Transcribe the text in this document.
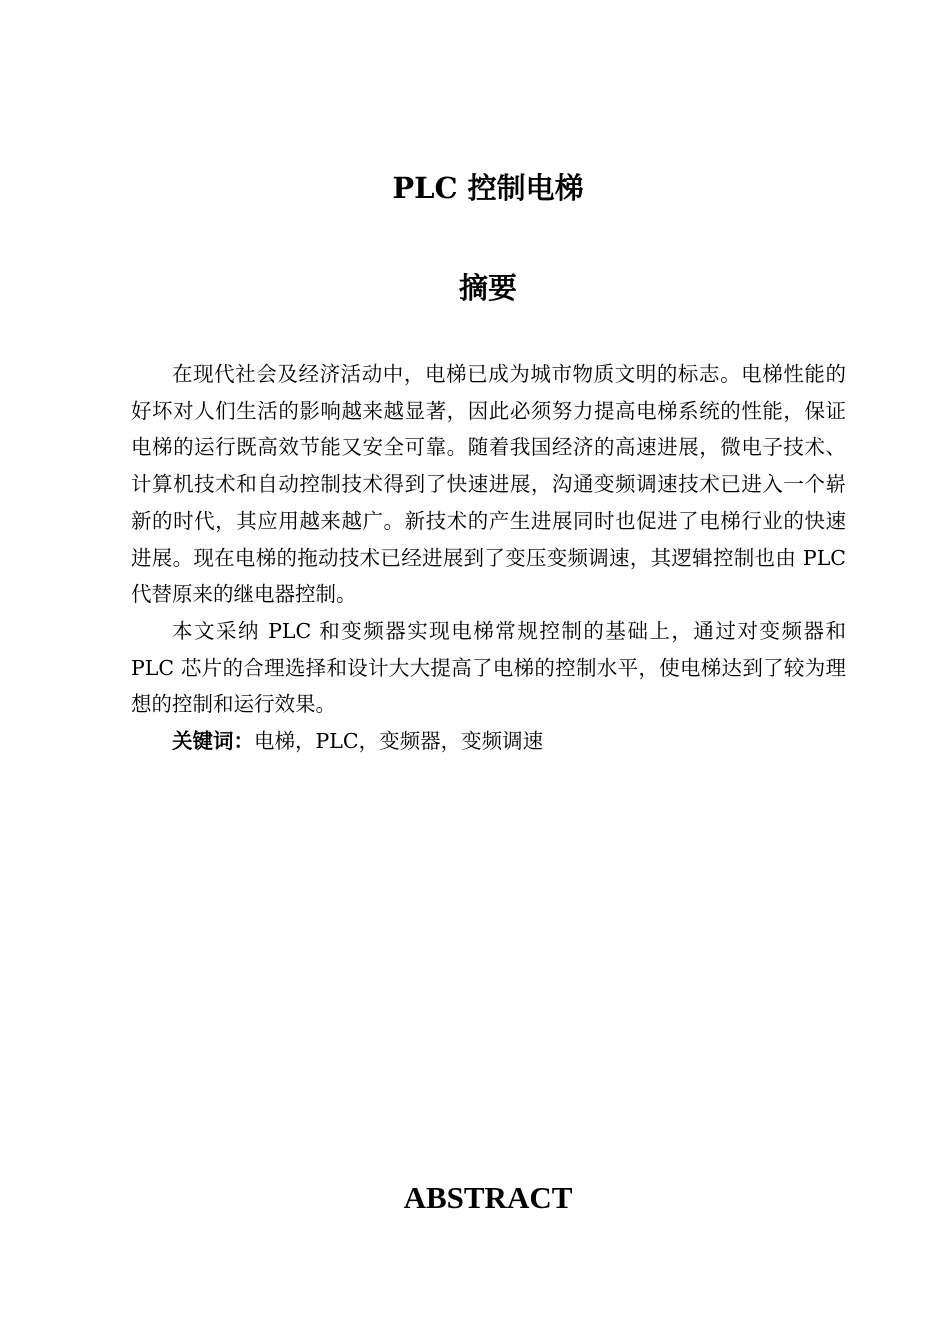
PLC 控制电梯
摘要

在现代社会及经济活动中，电梯已成为城市物质文明的标志。电梯性能的好坏对人们生活的影响越来越显著，因此必须努力提高电梯系统的性能，保证电梯的运行既高效节能又安全可靠。随着我国经济的高速进展，微电子技术、计算机技术和自动控制技术得到了快速进展，沟通变频调速技术已进入一个崭新的时代，其应用越来越广。新技术的产生进展同时也促进了电梯行业的快速进展。现在电梯的拖动技术已经进展到了变压变频调速，其逻辑控制也由 PLC 代替原来的继电器控制。

本文采纳 PLC 和变频器实现电梯常规控制的基础上，通过对变频器和 PLC 芯片的合理选择和设计大大提高了电梯的控制水平，使电梯达到了较为理想的控制和运行效果。

关键词：电梯，PLC，变频器，变频调速

ABSTRACT
